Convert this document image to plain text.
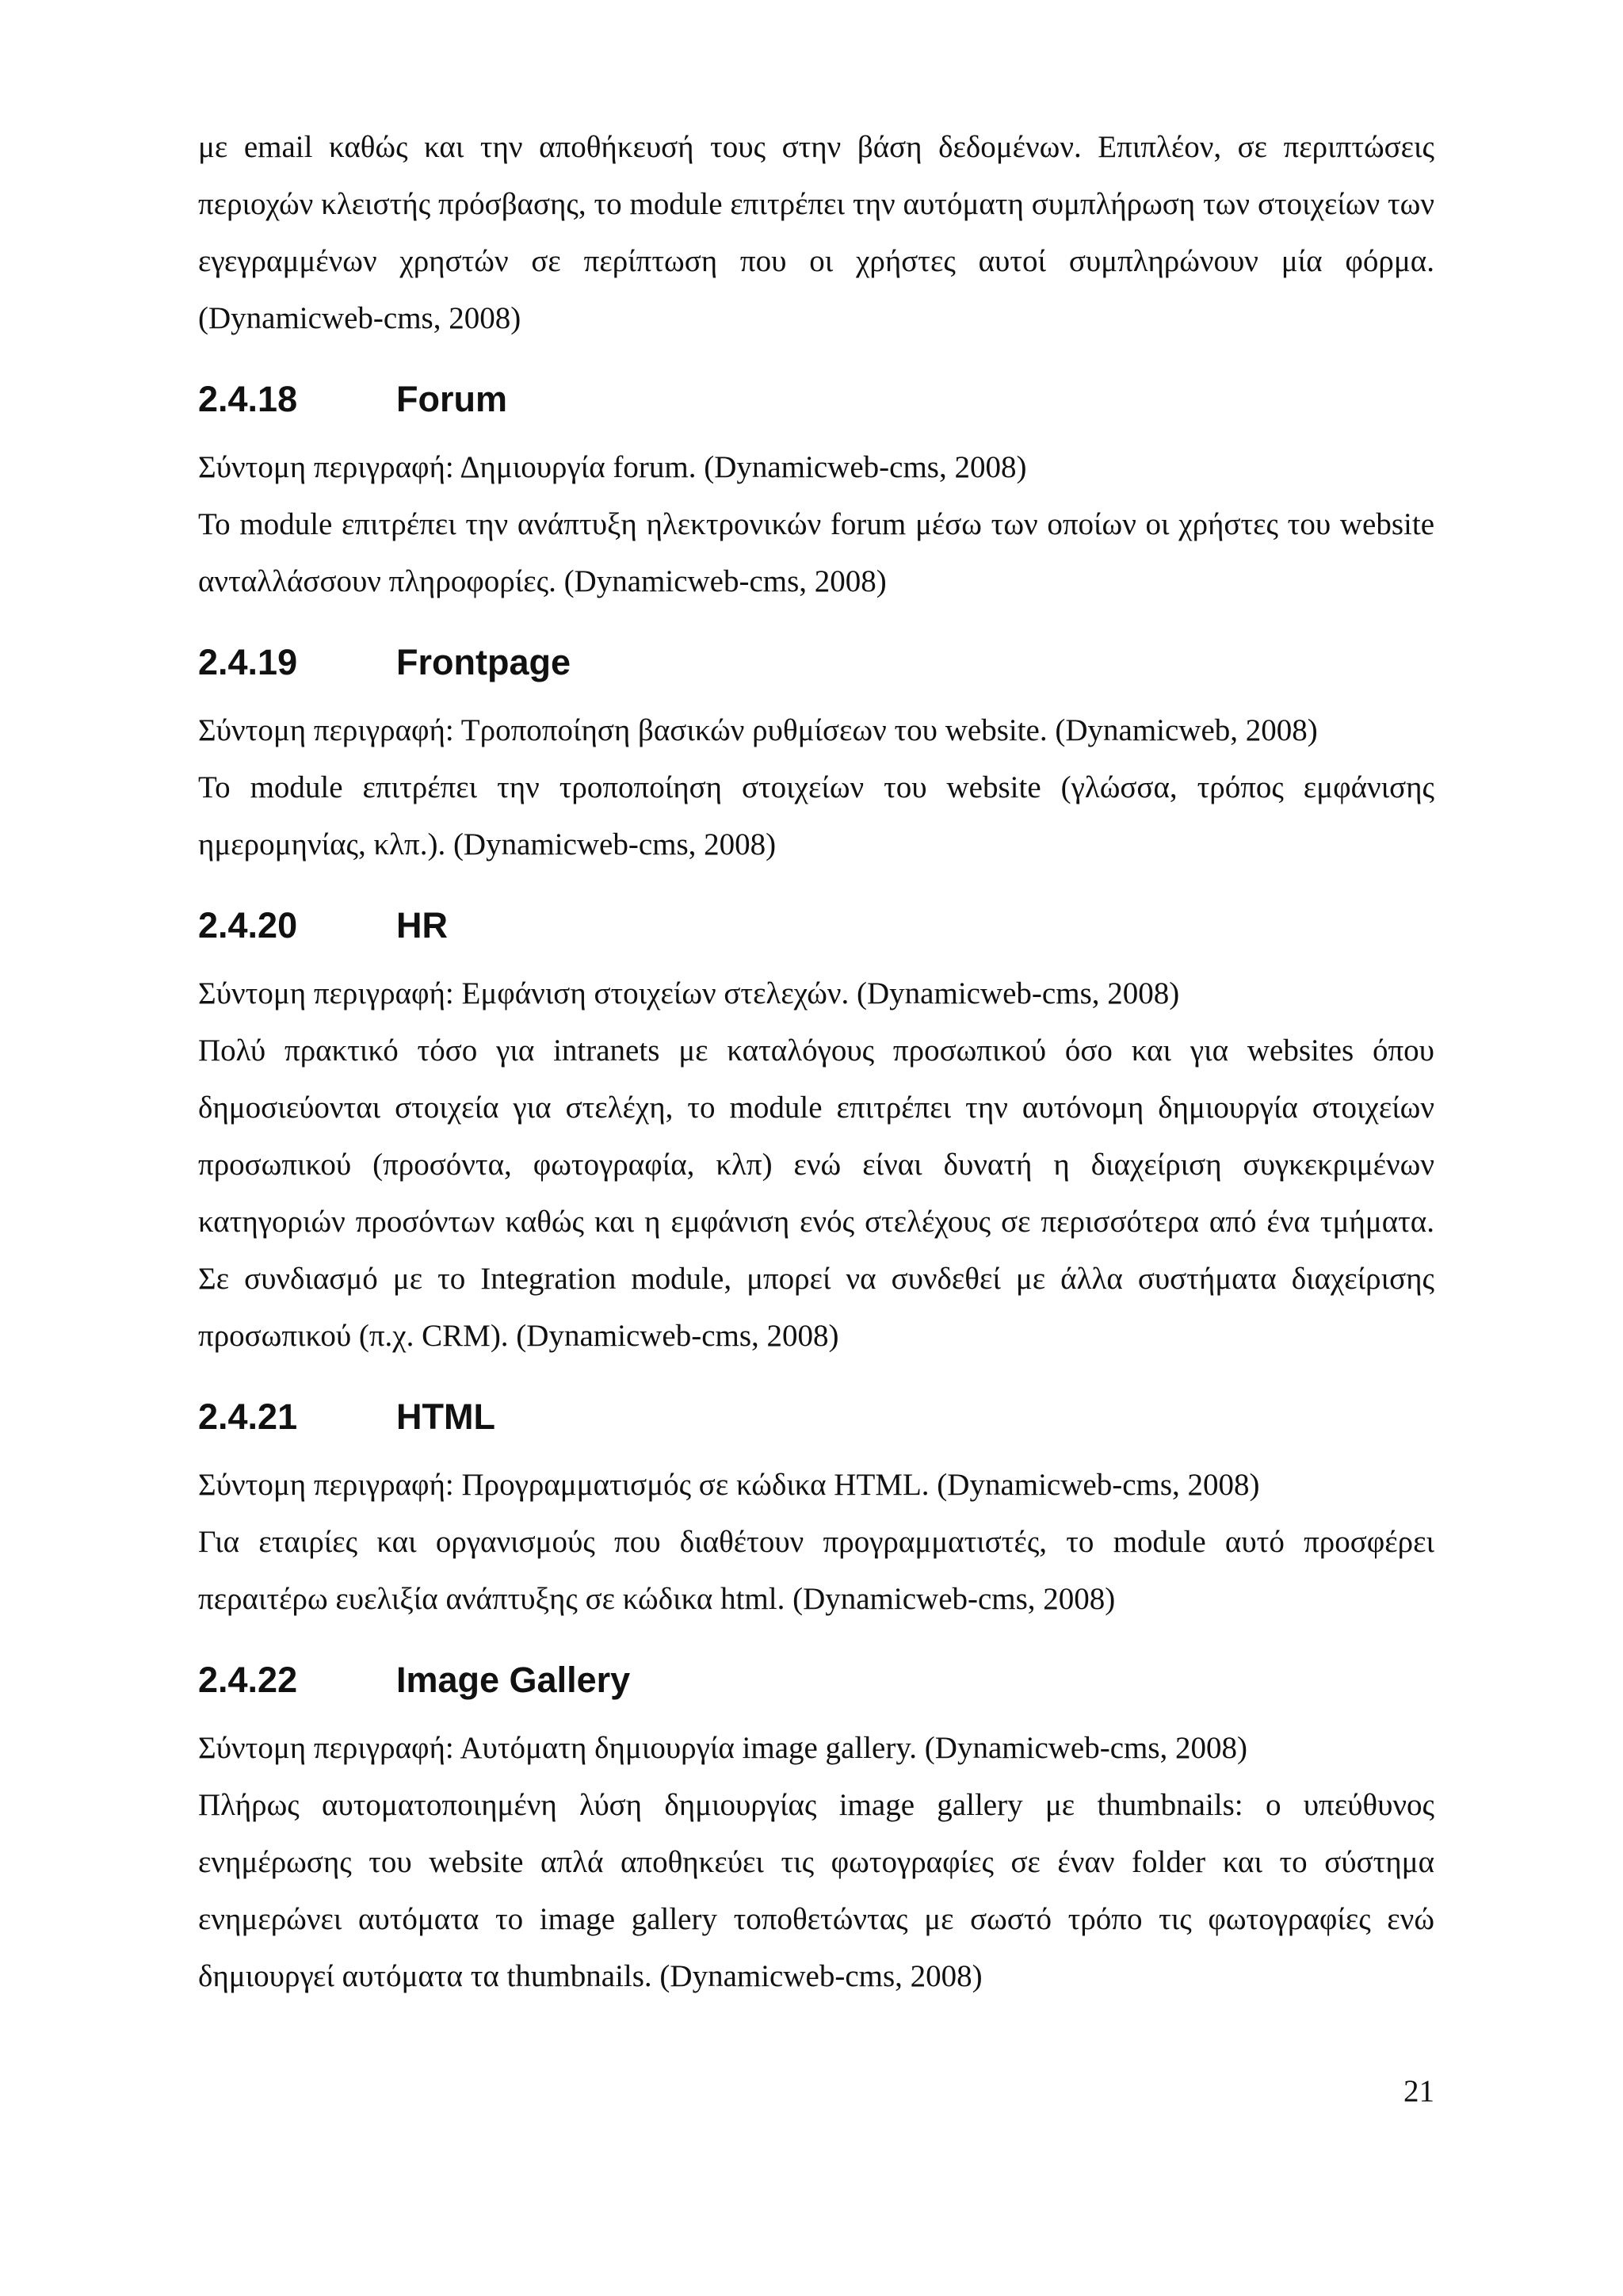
με email καθώς και την αποθήκευσή τους στην βάση δεδομένων. Επιπλέον, σε περιπτώσεις περιοχών κλειστής πρόσβασης, το module επιτρέπει την αυτόματη συμπλήρωση των στοιχείων των εγεγραμμένων χρηστών σε περίπτωση που οι χρήστες αυτοί συμπληρώνουν μία φόρμα. (Dynamicweb-cms, 2008)

2.4.18	Forum

Σύντομη περιγραφή: Δημιουργία forum. (Dynamicweb-cms, 2008)

Το module επιτρέπει την ανάπτυξη ηλεκτρονικών forum μέσω των οποίων οι χρήστες του website ανταλλάσσουν πληροφορίες. (Dynamicweb-cms, 2008)

2.4.19	Frontpage

Σύντομη περιγραφή: Τροποποίηση βασικών ρυθμίσεων του website. (Dynamicweb, 2008)

Το module επιτρέπει την τροποποίηση στοιχείων του website (γλώσσα, τρόπος εμφάνισης ημερομηνίας, κλπ.). (Dynamicweb-cms, 2008)

2.4.20	HR

Σύντομη περιγραφή: Εμφάνιση στοιχείων στελεχών. (Dynamicweb-cms, 2008)

Πολύ πρακτικό τόσο για intranets με καταλόγους προσωπικού όσο και για websites όπου δημοσιεύονται στοιχεία για στελέχη, το module επιτρέπει την αυτόνομη δημιουργία στοιχείων προσωπικού (προσόντα, φωτογραφία, κλπ) ενώ είναι δυνατή η διαχείριση συγκεκριμένων κατηγοριών προσόντων καθώς και η εμφάνιση ενός στελέχους σε περισσότερα από ένα τμήματα. Σε συνδιασμό με το Integration module, μπορεί να συνδεθεί με άλλα συστήματα διαχείρισης προσωπικού (π.χ. CRM). (Dynamicweb-cms, 2008)

2.4.21	HTML

Σύντομη περιγραφή: Προγραμματισμός σε κώδικα HTML. (Dynamicweb-cms, 2008)

Για εταιρίες και οργανισμούς που διαθέτουν προγραμματιστές, το module αυτό προσφέρει περαιτέρω ευελιξία ανάπτυξης σε κώδικα html. (Dynamicweb-cms, 2008)

2.4.22	Image Gallery

Σύντομη περιγραφή: Αυτόματη δημιουργία image gallery. (Dynamicweb-cms, 2008)

Πλήρως αυτοματοποιημένη λύση δημιουργίας image gallery με thumbnails: ο υπεύθυνος ενημέρωσης του website απλά αποθηκεύει τις φωτογραφίες σε έναν folder και το σύστημα ενημερώνει αυτόματα το image gallery τοποθετώντας με σωστό τρόπο τις φωτογραφίες ενώ δημιουργεί αυτόματα τα thumbnails. (Dynamicweb-cms, 2008)

21
